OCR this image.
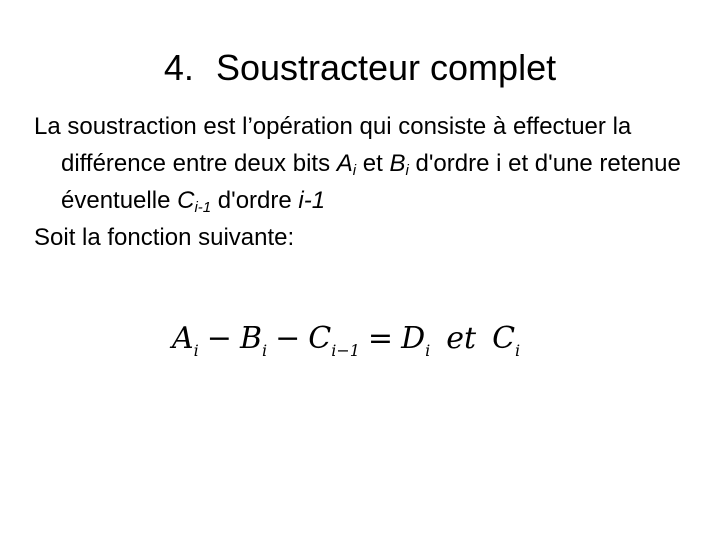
4. Soustracteur complet

La soustraction est l’opération qui consiste à effectuer la différence entre deux bits $A_i$ et $B_i$ d'ordre i et d'une retenue éventuelle $C_{i-1}$ d'ordre i-1

Soit la fonction suivante:

$A_i - B_i - C_{i-1} = D_i$ et $C_i$
